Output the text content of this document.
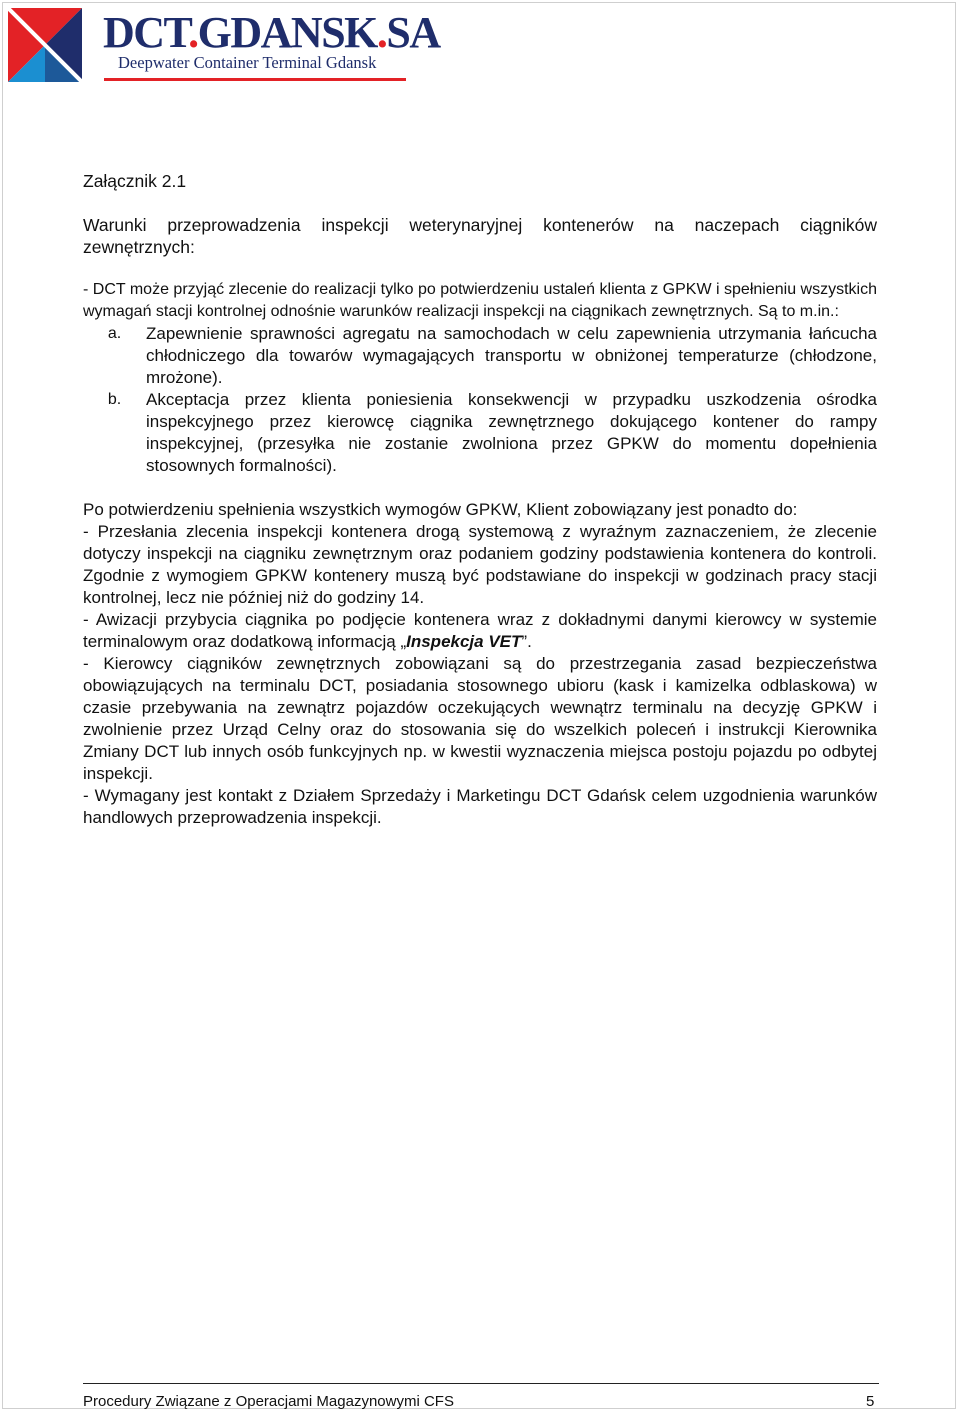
DCT.GDANSK.SA
Deepwater Container Terminal Gdansk

Załącznik 2.1

Warunki przeprowadzenia inspekcji weterynaryjnej kontenerów na naczepach ciągników zewnętrznych:

- DCT może przyjąć zlecenie do realizacji tylko po potwierdzeniu ustaleń klienta z GPKW i spełnieniu wszystkich wymagań stacji kontrolnej odnośnie warunków realizacji inspekcji na ciągnikach zewnętrznych. Są to m.in.:

a.	Zapewnienie sprawności agregatu na samochodach w celu zapewnienia utrzymania łańcucha chłodniczego dla towarów wymagających transportu w obniżonej temperaturze (chłodzone, mrożone).
b.	Akceptacja przez klienta poniesienia konsekwencji w przypadku uszkodzenia ośrodka inspekcyjnego przez kierowcę ciągnika zewnętrznego dokującego kontener do rampy inspekcyjnej, (przesyłka nie zostanie zwolniona przez GPKW do momentu dopełnienia stosownych formalności).

Po potwierdzeniu spełnienia wszystkich wymogów GPKW, Klient zobowiązany jest ponadto do:

- Przesłania zlecenia inspekcji kontenera drogą systemową z wyraźnym zaznaczeniem, że zlecenie dotyczy inspekcji na ciągniku zewnętrznym oraz podaniem godziny podstawienia kontenera do kontroli. Zgodnie z wymogiem GPKW kontenery muszą być podstawiane do inspekcji w godzinach pracy stacji kontrolnej, lecz nie później niż do godziny 14.

- Awizacji przybycia ciągnika po podjęcie kontenera wraz z dokładnymi danymi kierowcy w systemie terminalowym oraz dodatkową informacją „Inspekcja VET”.

- Kierowcy ciągników zewnętrznych zobowiązani są do przestrzegania zasad bezpieczeństwa obowiązujących na terminalu DCT, posiadania stosownego ubioru (kask i kamizelka odblaskowa) w czasie przebywania na zewnątrz pojazdów oczekujących wewnątrz terminalu na decyzję GPKW i zwolnienie przez Urząd Celny oraz do stosowania się do wszelkich poleceń i instrukcji Kierownika Zmiany DCT lub innych osób funkcyjnych np. w kwestii wyznaczenia miejsca postoju pojazdu po odbytej inspekcji.

- Wymagany jest kontakt z Działem Sprzedaży i Marketingu DCT Gdańsk celem uzgodnienia warunków handlowych przeprowadzenia inspekcji.

Procedury Związane z Operacjami Magazynowymi CFS	5
